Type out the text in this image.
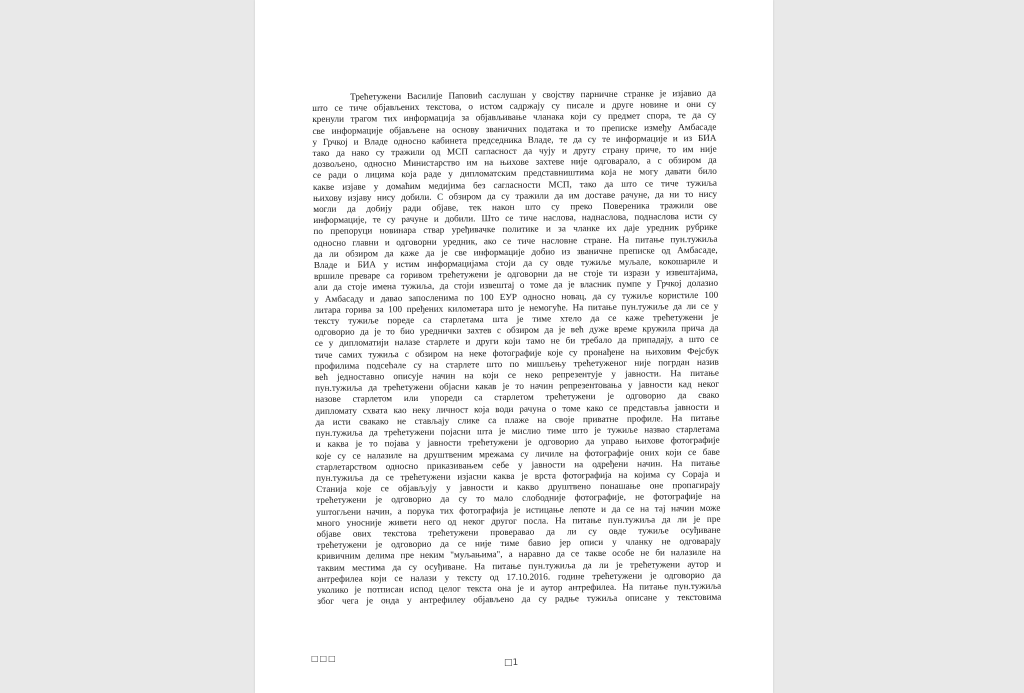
Трећетужени Василије Паповић саслушан у својству парничне странке је изјавио да
што се тиче објављених текстова, о истом садржају су писале и друге новине и они су
кренули трагом тих информација за објављивање чланака који су предмет спора, те да су
све информације објављене на основу званичних података и то преписке између Амбасаде
у Грчкој и Владе односно кабинета председника Владе, те да су те информације и из БИА
тако да нако су тражили од МСП сагласност да чују и другу страну приче, то им није
дозвољено, односно Министарство им на њихове захтеве није одговарало, а с обзиром да
се ради о лицима која раде у дипломатским представништима која не могу давати било
какве изјаве у домаћим медијима без сагласности МСП, тако да што се тиче тужиља
њихову изјаву нису добили. С обзиром да су тражили да им доставе рачуне, да ни то нису
могли да добију ради објаве, тек након што су преко Повереника тражили ове
информације, те су рачуне и добили. Што се тиче наслова, наднаслова, поднаслова исти су
по препоруци новинара ствар уређивачке политике и за чланке их даје уредник рубрике
односно главни и одговорни уредник, ако се тиче насловне стране. На питање пун.тужиља
да ли обзиром да каже да је све информације добио из званичне преписке од Амбасаде,
Владе и БИА у истим информацијама стоји да су овде тужиље муљале, кокошариле и
вршиле преваре са горивом трећетужени је одговорни да не стоје ти изрази у извештајима,
али да стоје имена тужиља, да стоји извештај о томе да је власник пумпе у Грчкој долазио
у Амбасаду и давао запосленима по 100 ЕУР односно новац, да су тужиље користиле 100
литара горива за 100 пређених километара што је немогуће. На питање пун.тужиље да ли се у
тексту тужиље пореде са старлетама шта је тиме хтело да се каже трећетужени је
одговорио да је то био уреднички захтев с обзиром да је већ дуже време кружила прича да
се у дипломатији налазе старлете и други који тамо не би требало да припадају, а што се
тиче самих тужиља с обзиром на неке фотографије које су пронађене на њиховим Фејсбук
профилима подсећале су на старлете што по мишљењу трећетуженог није погрдан назив
већ једноставно описује начин на који се неко репрезентује у јавности. На питање
пун.тужиља да трећетужени објасни какав је то начин репрезентовања у јавности кад неког
назове старлетом или упореди са старлетом трећетужени је одговорио да свако
дипломату схвата као неку личност која води рачуна о томе како се представља јавности и
да исти свакако не стављају слике са плаже на своје приватне профиле. На питање
пун.тужиља да трећетужени појасни шта је мислио тиме што је тужиље назвао старлетама
и каква је то појава у јавности трећетужени је одговорио да управо њихове фотографије
које су се налазиле на друштвеним мрежама су личиле на фотографије оних који се баве
старлетарством односно приказивањем себе у јавности на одређени начин. На питање
пун.тужиља да се трећетужени изјасни каква је врста фотографија на којима су Сораја и
Станија које се објављују у јавности и какво друштвено понашање оне пропагирају
трећетужени је одговорио да су то мало слободније фотографије, не фотографије на
уштогљени начин, а порука тих фотографија је истицање лепоте и да се на тај начин може
много уносније живети него од неког другог посла. На питање пун.тужиља да ли је пре
објаве ових текстова трећетужени проверавао да ли су овде тужиље осуђиване
трећетужени је одговорио да се није тиме бавио јер описи у чланку не одговарају
кривичним делима пре неким "муљањима", а наравно да се такве особе не би налазиле на
таквим местима да су осуђиване. На питање пун.тужиља да ли је трећетужени аутор и
антрефилеа који се налази у тексту од 17.10.2016. године трећетужени је одговорио да
уколико је потписан испод целог текста она је и аутор антрефилеа. На питање пун.тужиља
због чега је онда у антрефилеу објављено да су радње тужиља описане у текстовима
□□□	□1
